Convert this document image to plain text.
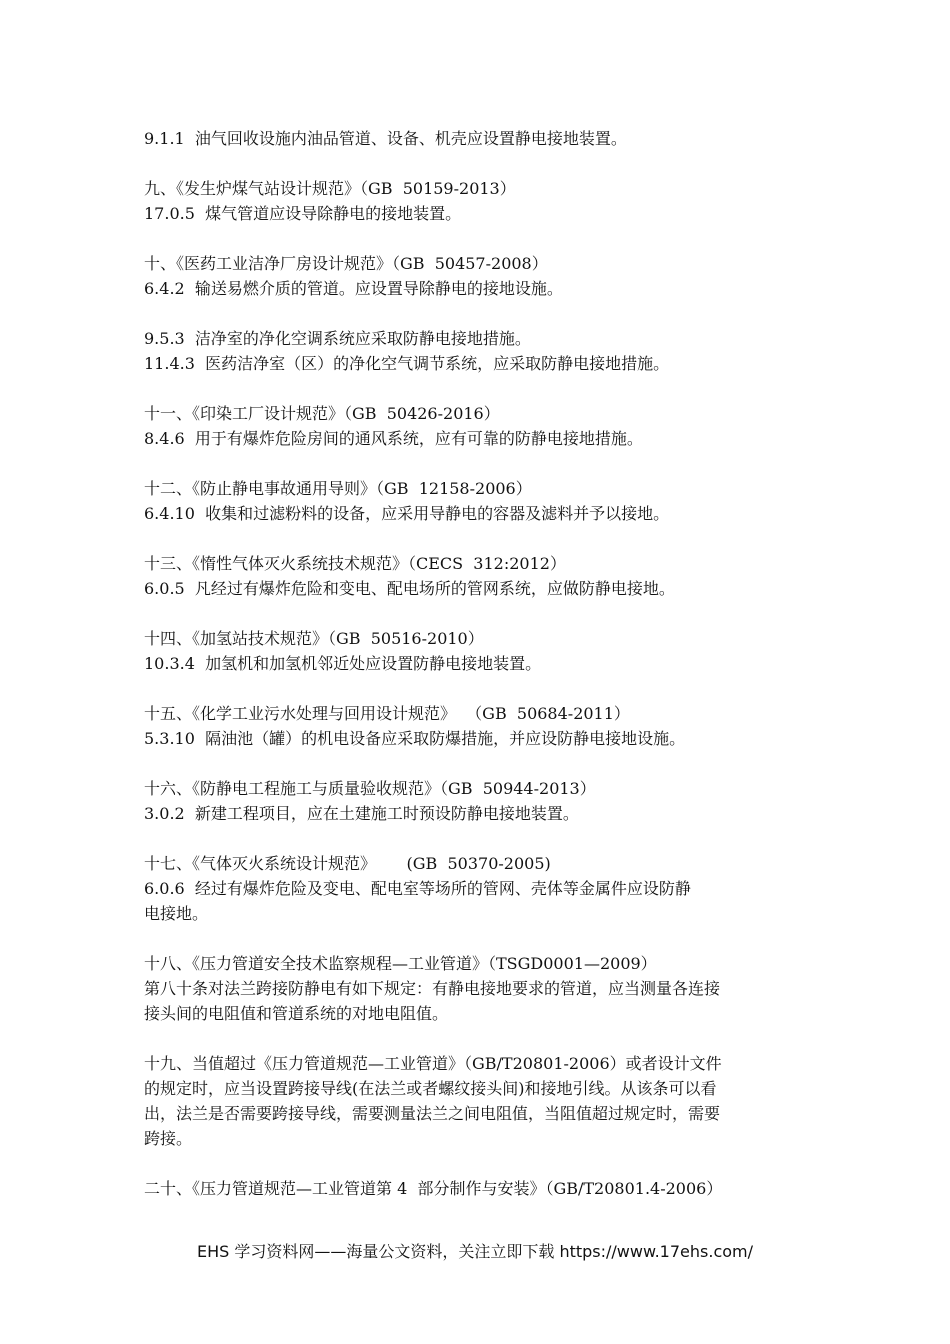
9.1.1  油气回收设施内油品管道、设备、机壳应设置静电接地装置。
九、《发生炉煤气站设计规范》（GB  50159-2013）
17.0.5  煤气管道应设导除静电的接地装置。
十、《医药工业洁净厂房设计规范》（GB  50457-2008）
6.4.2  输送易燃介质的管道。应设置导除静电的接地设施。
9.5.3  洁净室的净化空调系统应采取防静电接地措施。
11.4.3  医药洁净室（区）的净化空气调节系统，应采取防静电接地措施。
十一、《印染工厂设计规范》（GB  50426-2016）
8.4.6  用于有爆炸危险房间的通风系统，应有可靠的防静电接地措施。
十二、《防止静电事故通用导则》（GB  12158-2006）
6.4.10  收集和过滤粉料的设备，应采用导静电的容器及滤料并予以接地。
十三、《惰性气体灭火系统技术规范》（CECS  312:2012）
6.0.5  凡经过有爆炸危险和变电、配电场所的管网系统，应做防静电接地。
十四、《加氢站技术规范》（GB  50516-2010）
10.3.4  加氢机和加氢机邻近处应设置防静电接地装置。
十五、《化学工业污水处理与回用设计规范》  （GB  50684-2011）
5.3.10  隔油池（罐）的机电设备应采取防爆措施，并应设防静电接地设施。
十六、《防静电工程施工与质量验收规范》（GB  50944-2013）
3.0.2  新建工程项目，应在土建施工时预设防静电接地装置。
十七、《气体灭火系统设计规范》      (GB  50370-2005)
6.0.6  经过有爆炸危险及变电、配电室等场所的管网、壳体等金属件应设防静
电接地。
十八、《压力管道安全技术监察规程—工业管道》（TSGD0001—2009）
第八十条对法兰跨接防静电有如下规定：有静电接地要求的管道，应当测量各连接
接头间的电阻值和管道系统的对地电阻值。
十九、当值超过《压力管道规范—工业管道》（GB/T20801-2006）或者设计文件
的规定时，应当设置跨接导线(在法兰或者螺纹接头间)和接地引线。从该条可以看
出，法兰是否需要跨接导线，需要测量法兰之间电阻值，当阻值超过规定时，需要
跨接。
二十、《压力管道规范—工业管道第 4  部分制作与安装》（GB/T20801.4-2006）
EHS 学习资料网——海量公文资料，关注立即下载 https://www.17ehs.com/
